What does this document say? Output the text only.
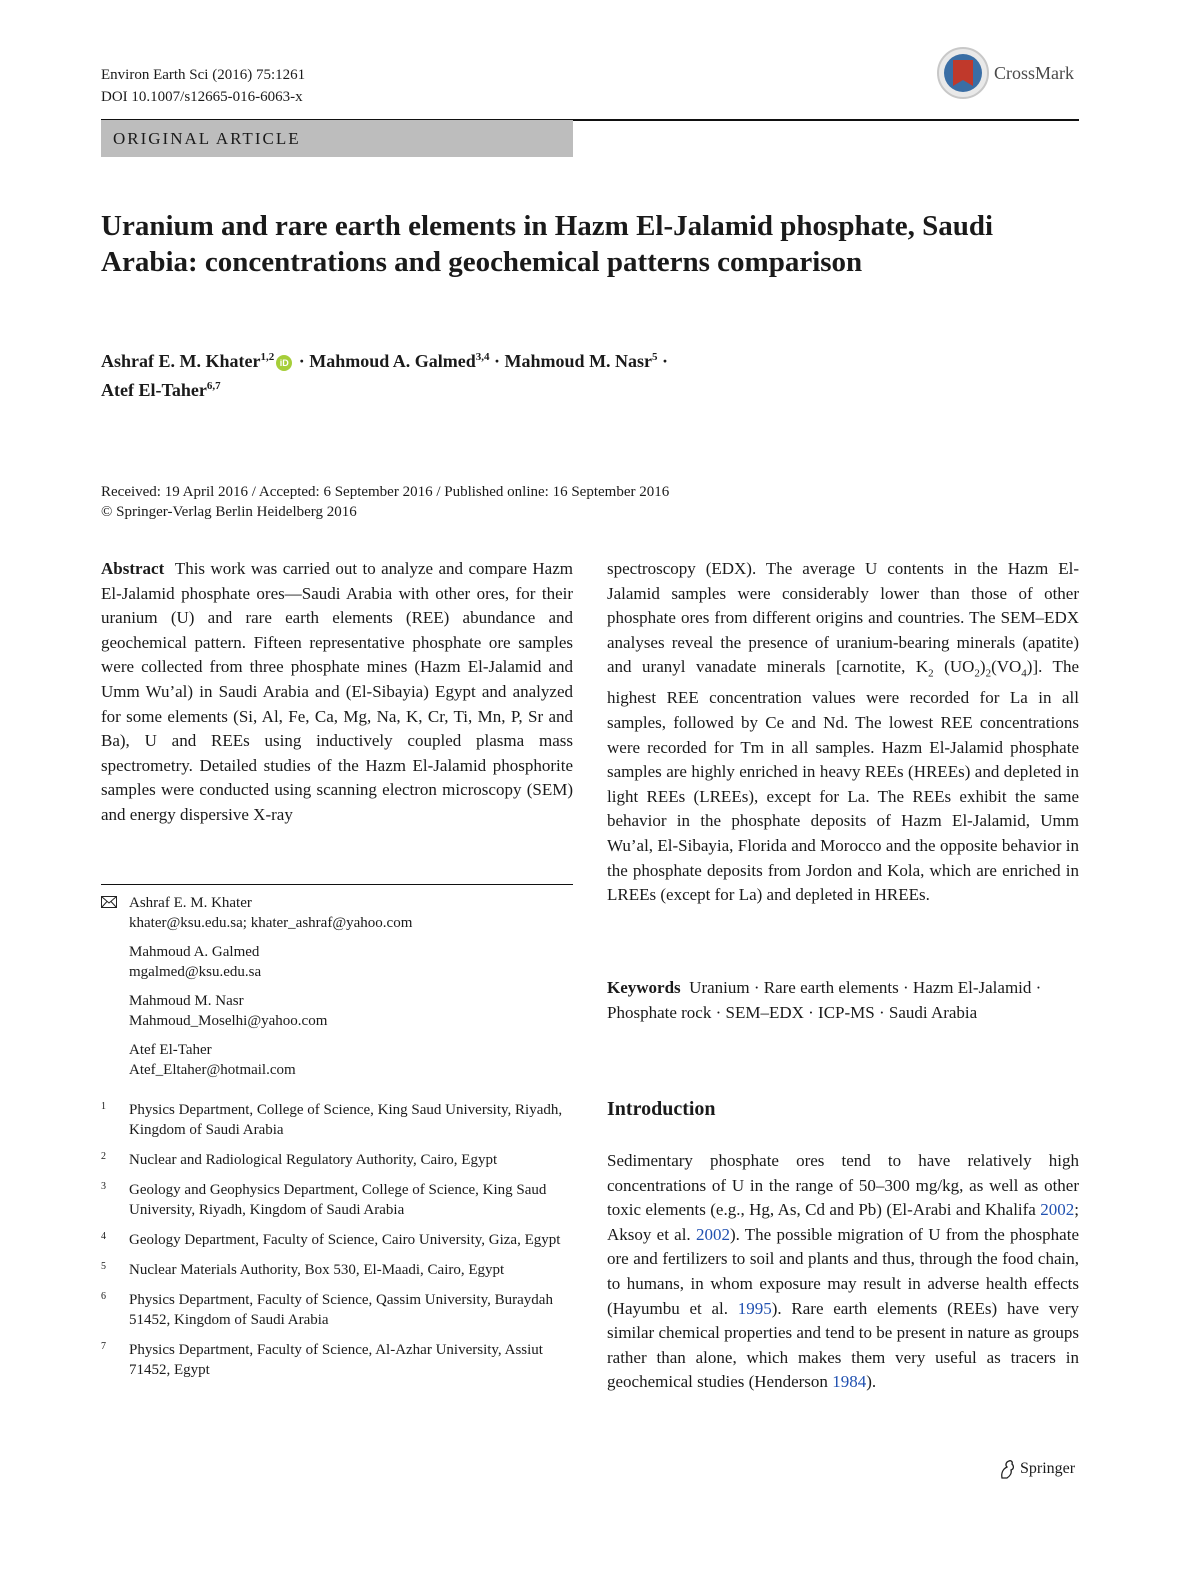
Environ Earth Sci (2016) 75:1261
DOI 10.1007/s12665-016-6063-x
CrossMark
ORIGINAL ARTICLE
Uranium and rare earth elements in Hazm El-Jalamid phosphate, Saudi Arabia: concentrations and geochemical patterns comparison
Ashraf E. M. Khater$^{1,2}$ iD · Mahmoud A. Galmed$^{3,4}$ · Mahmoud M. Nasr$^5$ ·
Atef El-Taher$^{6,7}$
Received: 19 April 2016 / Accepted: 6 September 2016 / Published online: 16 September 2016
© Springer-Verlag Berlin Heidelberg 2016
Abstract This work was carried out to analyze and compare Hazm El-Jalamid phosphate ores—Saudi Arabia with other ores, for their uranium (U) and rare earth elements (REE) abundance and geochemical pattern. Fifteen representative phosphate ore samples were collected from three phosphate mines (Hazm El-Jalamid and Umm Wu’al) in Saudi Arabia and (El-Sibayia) Egypt and analyzed for some elements (Si, Al, Fe, Ca, Mg, Na, K, Cr, Ti, Mn, P, Sr and Ba), U and REEs using inductively coupled plasma mass spectrometry. Detailed studies of the Hazm El-Jalamid phosphorite samples were conducted using scanning electron microscopy (SEM) and energy dispersive X-ray
spectroscopy (EDX). The average U contents in the Hazm El-Jalamid samples were considerably lower than those of other phosphate ores from different origins and countries. The SEM–EDX analyses reveal the presence of uranium-bearing minerals (apatite) and uranyl vanadate minerals [carnotite, $K_2$ $(UO_2)_2(VO_4)$]. The highest REE concentration values were recorded for La in all samples, followed by Ce and Nd. The lowest REE concentrations were recorded for Tm in all samples. Hazm El-Jalamid phosphate samples are highly enriched in heavy REEs (HREEs) and depleted in light REEs (LREEs), except for La. The REEs exhibit the same behavior in the phosphate deposits of Hazm El-Jalamid, Umm Wu’al, El-Sibayia, Florida and Morocco and the opposite behavior in the phosphate deposits from Jordon and Kola, which are enriched in LREEs (except for La) and depleted in HREEs.
Ashraf E. M. Khater
khater@ksu.edu.sa; khater_ashraf@yahoo.com
Mahmoud A. Galmed
mgalmed@ksu.edu.sa
Mahmoud M. Nasr
Mahmoud_Moselhi@yahoo.com
Atef El-Taher
Atef_Eltaher@hotmail.com
1 Physics Department, College of Science, King Saud University, Riyadh, Kingdom of Saudi Arabia
2 Nuclear and Radiological Regulatory Authority, Cairo, Egypt
3 Geology and Geophysics Department, College of Science, King Saud University, Riyadh, Kingdom of Saudi Arabia
4 Geology Department, Faculty of Science, Cairo University, Giza, Egypt
5 Nuclear Materials Authority, Box 530, El-Maadi, Cairo, Egypt
6 Physics Department, Faculty of Science, Qassim University, Buraydah 51452, Kingdom of Saudi Arabia
7 Physics Department, Faculty of Science, Al-Azhar University, Assiut 71452, Egypt
Keywords Uranium · Rare earth elements · Hazm El-Jalamid · Phosphate rock · SEM–EDX · ICP-MS · Saudi Arabia
Introduction
Sedimentary phosphate ores tend to have relatively high concentrations of U in the range of 50–300 mg/kg, as well as other toxic elements (e.g., Hg, As, Cd and Pb) (El-Arabi and Khalifa 2002; Aksoy et al. 2002). The possible migration of U from the phosphate ore and fertilizers to soil and plants and thus, through the food chain, to humans, in whom exposure may result in adverse health effects (Hayumbu et al. 1995). Rare earth elements (REEs) have very similar chemical properties and tend to be present in nature as groups rather than alone, which makes them very useful as tracers in geochemical studies (Henderson 1984).
Springer
